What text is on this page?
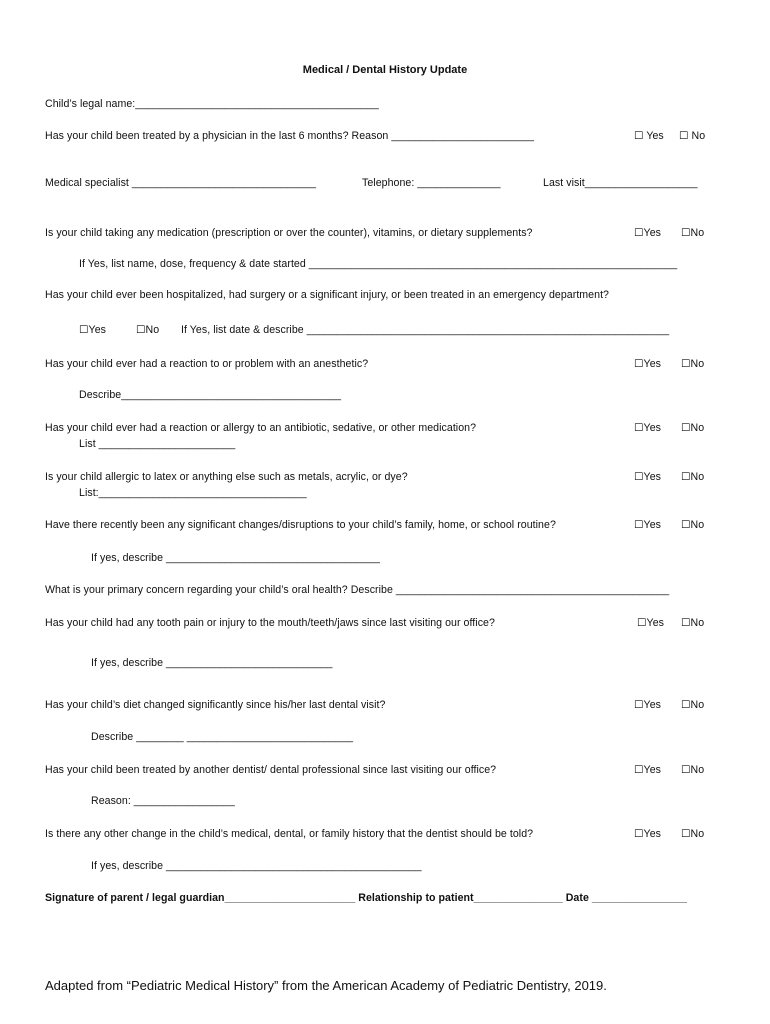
Medical / Dental History Update
Child’s legal name:_________________________________________
Has your child been treated by a physician in the last 6 months? Reason ________________________	☐ Yes ☐ No
Medical specialist _______________________________	Telephone: ______________	Last visit___________________
Is your child taking any medication (prescription or over the counter), vitamins, or dietary supplements?	☐Yes ☐No
If Yes, list name, dose, frequency & date started ______________________________________________________________
Has your child ever been hospitalized, had surgery or a significant injury, or been treated in an emergency department?
☐Yes	☐No If Yes, list date & describe _____________________________________________________________
Has your child ever had a reaction to or problem with an anesthetic?	☐Yes ☐No
Describe_____________________________________
Has your child ever had a reaction or allergy to an antibiotic, sedative, or other medication?	☐Yes ☐No
List _______________________
Is your child allergic to latex or anything else such as metals, acrylic, or dye?	☐Yes ☐No
List:___________________________________
Have there recently been any significant changes/disruptions to your child’s family, home, or school routine?	☐Yes ☐No
If yes, describe ____________________________________
What is your primary concern regarding your child’s oral health? Describe ______________________________________________
Has your child had any tooth pain or injury to the mouth/teeth/jaws since last visiting our office?	☐Yes ☐No
If yes, describe ____________________________
Has your child’s diet changed significantly since his/her last dental visit?	☐Yes ☐No
Describe ________ ____________________________
Has your child been treated by another dentist/ dental professional since last visiting our office?	☐Yes ☐No
Reason: _________________
Is there any other change in the child’s medical, dental, or family history that the dentist should be told?	☐Yes ☐No
If yes, describe ___________________________________________
Signature of parent / legal guardian______________________ Relationship to patient_______________ Date ________________
Adapted from “Pediatric Medical History” from the American Academy of Pediatric Dentistry, 2019.
